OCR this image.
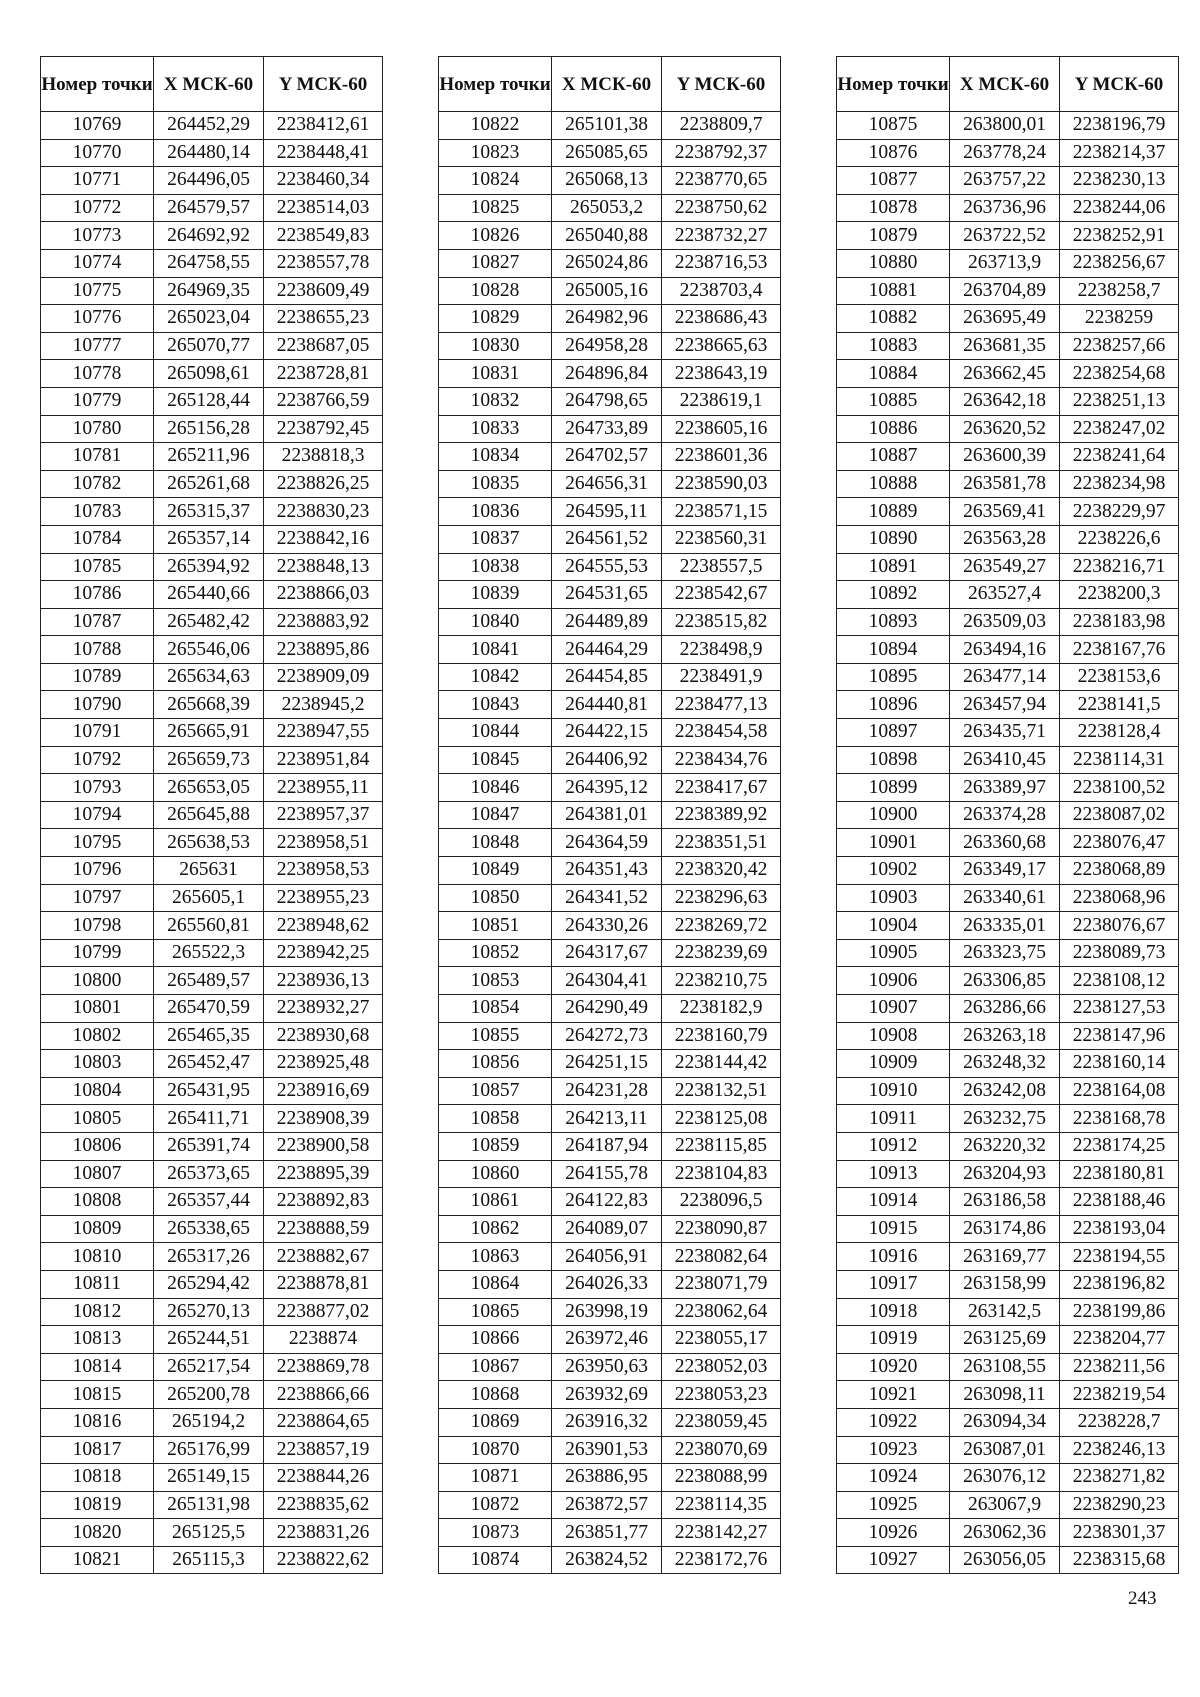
Номер точки	X МСК-60	Y МСК-60
10769	264452,29	2238412,61
10770	264480,14	2238448,41
10771	264496,05	2238460,34
10772	264579,57	2238514,03
10773	264692,92	2238549,83
10774	264758,55	2238557,78
10775	264969,35	2238609,49
10776	265023,04	2238655,23
10777	265070,77	2238687,05
10778	265098,61	2238728,81
10779	265128,44	2238766,59
10780	265156,28	2238792,45
10781	265211,96	2238818,3
10782	265261,68	2238826,25
10783	265315,37	2238830,23
10784	265357,14	2238842,16
10785	265394,92	2238848,13
10786	265440,66	2238866,03
10787	265482,42	2238883,92
10788	265546,06	2238895,86
10789	265634,63	2238909,09
10790	265668,39	2238945,2
10791	265665,91	2238947,55
10792	265659,73	2238951,84
10793	265653,05	2238955,11
10794	265645,88	2238957,37
10795	265638,53	2238958,51
10796	265631	2238958,53
10797	265605,1	2238955,23
10798	265560,81	2238948,62
10799	265522,3	2238942,25
10800	265489,57	2238936,13
10801	265470,59	2238932,27
10802	265465,35	2238930,68
10803	265452,47	2238925,48
10804	265431,95	2238916,69
10805	265411,71	2238908,39
10806	265391,74	2238900,58
10807	265373,65	2238895,39
10808	265357,44	2238892,83
10809	265338,65	2238888,59
10810	265317,26	2238882,67
10811	265294,42	2238878,81
10812	265270,13	2238877,02
10813	265244,51	2238874
10814	265217,54	2238869,78
10815	265200,78	2238866,66
10816	265194,2	2238864,65
10817	265176,99	2238857,19
10818	265149,15	2238844,26
10819	265131,98	2238835,62
10820	265125,5	2238831,26
10821	265115,3	2238822,62
Номер точки	X МСК-60	Y МСК-60
10822	265101,38	2238809,7
10823	265085,65	2238792,37
10824	265068,13	2238770,65
10825	265053,2	2238750,62
10826	265040,88	2238732,27
10827	265024,86	2238716,53
10828	265005,16	2238703,4
10829	264982,96	2238686,43
10830	264958,28	2238665,63
10831	264896,84	2238643,19
10832	264798,65	2238619,1
10833	264733,89	2238605,16
10834	264702,57	2238601,36
10835	264656,31	2238590,03
10836	264595,11	2238571,15
10837	264561,52	2238560,31
10838	264555,53	2238557,5
10839	264531,65	2238542,67
10840	264489,89	2238515,82
10841	264464,29	2238498,9
10842	264454,85	2238491,9
10843	264440,81	2238477,13
10844	264422,15	2238454,58
10845	264406,92	2238434,76
10846	264395,12	2238417,67
10847	264381,01	2238389,92
10848	264364,59	2238351,51
10849	264351,43	2238320,42
10850	264341,52	2238296,63
10851	264330,26	2238269,72
10852	264317,67	2238239,69
10853	264304,41	2238210,75
10854	264290,49	2238182,9
10855	264272,73	2238160,79
10856	264251,15	2238144,42
10857	264231,28	2238132,51
10858	264213,11	2238125,08
10859	264187,94	2238115,85
10860	264155,78	2238104,83
10861	264122,83	2238096,5
10862	264089,07	2238090,87
10863	264056,91	2238082,64
10864	264026,33	2238071,79
10865	263998,19	2238062,64
10866	263972,46	2238055,17
10867	263950,63	2238052,03
10868	263932,69	2238053,23
10869	263916,32	2238059,45
10870	263901,53	2238070,69
10871	263886,95	2238088,99
10872	263872,57	2238114,35
10873	263851,77	2238142,27
10874	263824,52	2238172,76
Номер точки	X МСК-60	Y МСК-60
10875	263800,01	2238196,79
10876	263778,24	2238214,37
10877	263757,22	2238230,13
10878	263736,96	2238244,06
10879	263722,52	2238252,91
10880	263713,9	2238256,67
10881	263704,89	2238258,7
10882	263695,49	2238259
10883	263681,35	2238257,66
10884	263662,45	2238254,68
10885	263642,18	2238251,13
10886	263620,52	2238247,02
10887	263600,39	2238241,64
10888	263581,78	2238234,98
10889	263569,41	2238229,97
10890	263563,28	2238226,6
10891	263549,27	2238216,71
10892	263527,4	2238200,3
10893	263509,03	2238183,98
10894	263494,16	2238167,76
10895	263477,14	2238153,6
10896	263457,94	2238141,5
10897	263435,71	2238128,4
10898	263410,45	2238114,31
10899	263389,97	2238100,52
10900	263374,28	2238087,02
10901	263360,68	2238076,47
10902	263349,17	2238068,89
10903	263340,61	2238068,96
10904	263335,01	2238076,67
10905	263323,75	2238089,73
10906	263306,85	2238108,12
10907	263286,66	2238127,53
10908	263263,18	2238147,96
10909	263248,32	2238160,14
10910	263242,08	2238164,08
10911	263232,75	2238168,78
10912	263220,32	2238174,25
10913	263204,93	2238180,81
10914	263186,58	2238188,46
10915	263174,86	2238193,04
10916	263169,77	2238194,55
10917	263158,99	2238196,82
10918	263142,5	2238199,86
10919	263125,69	2238204,77
10920	263108,55	2238211,56
10921	263098,11	2238219,54
10922	263094,34	2238228,7
10923	263087,01	2238246,13
10924	263076,12	2238271,82
10925	263067,9	2238290,23
10926	263062,36	2238301,37
10927	263056,05	2238315,68
243
